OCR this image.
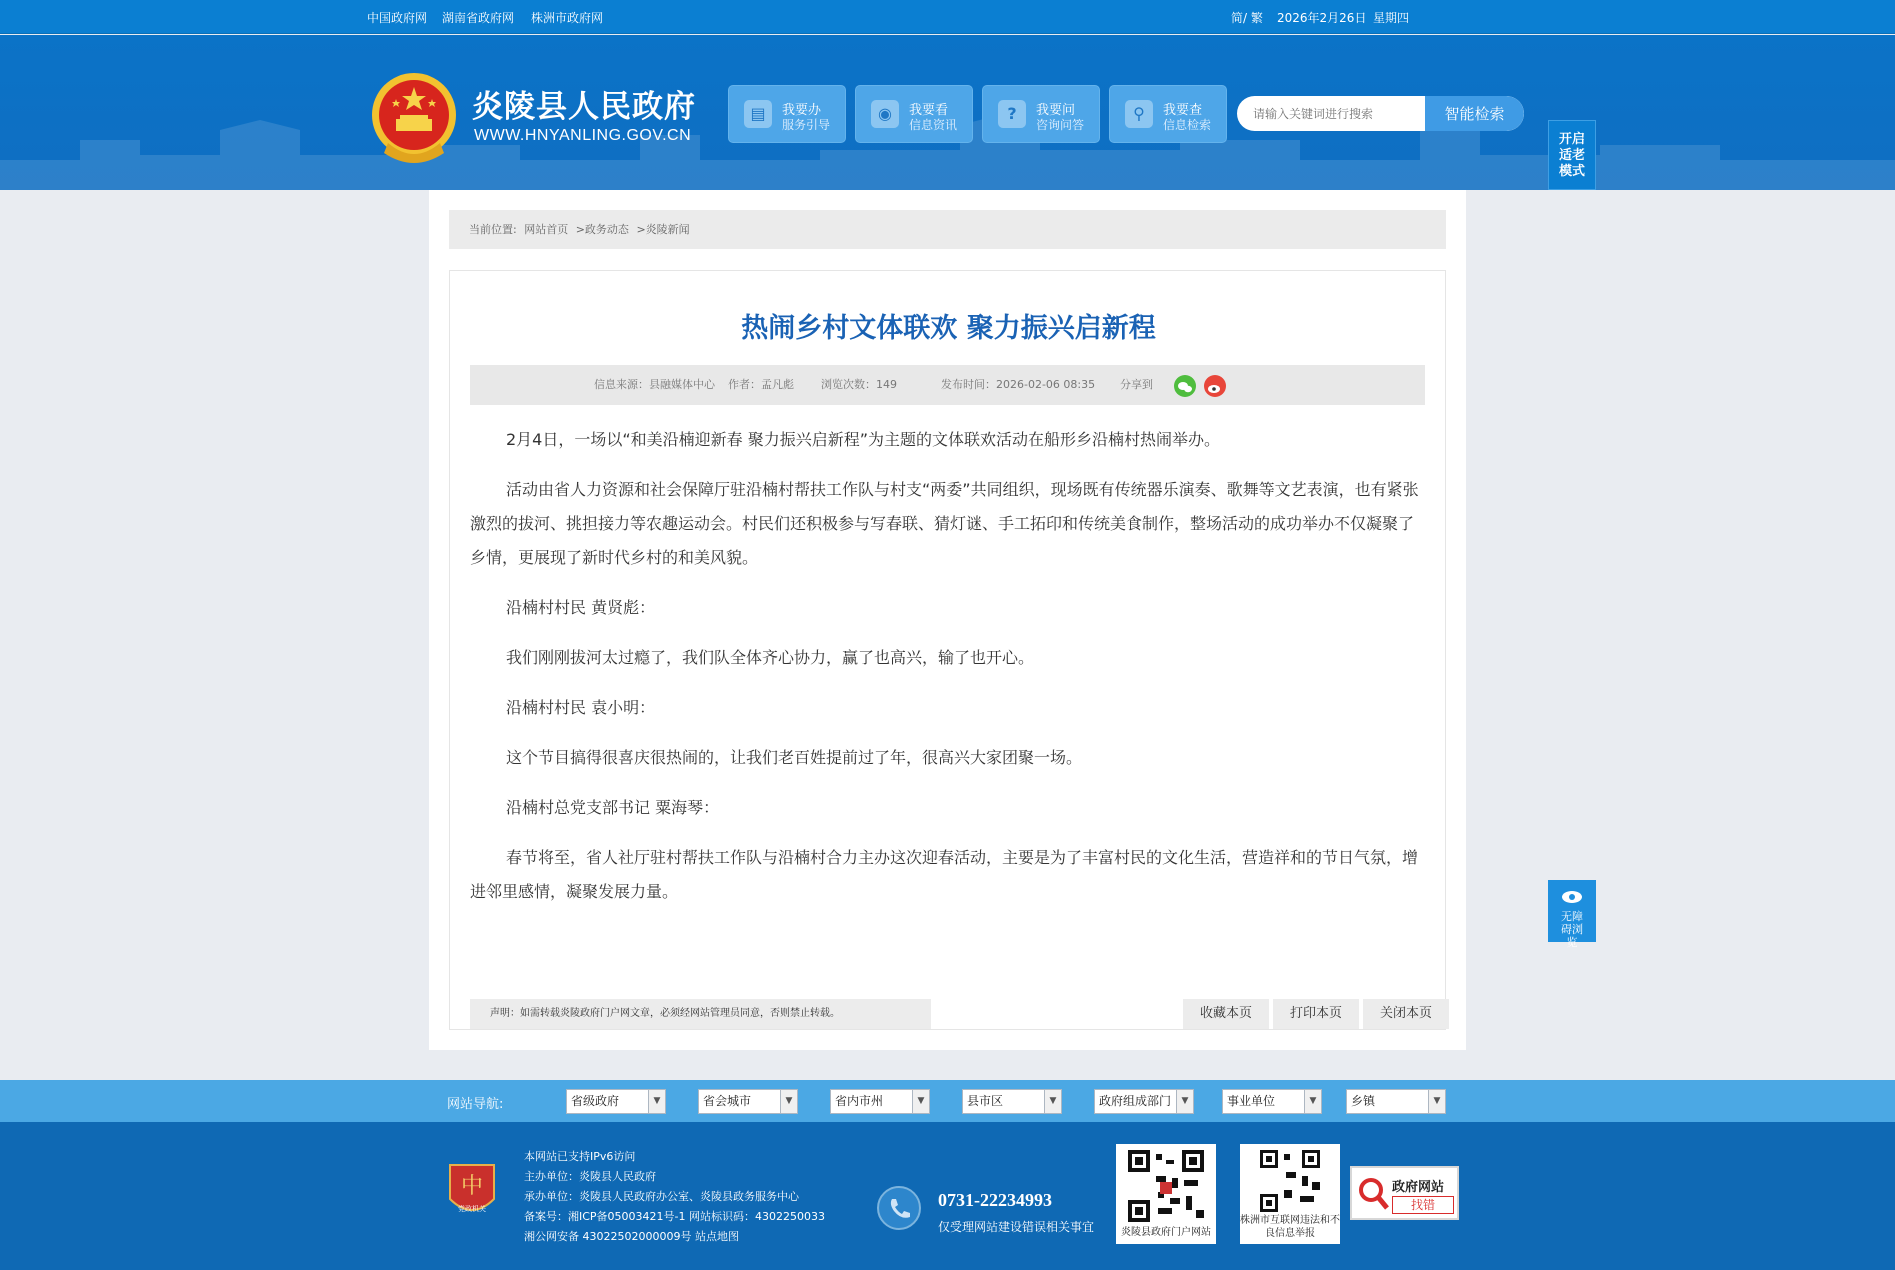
中国政府网 湖南省政府网 株洲市政府网	简/ 繁 2026年2月26日 星期四
炎陵县人民政府
WWW.HNYANLING.GOV.CN
▤	我要办
服务引导
◉	我要看
信息资讯
?	我要问
咨询问答
⚲	我要查
信息检索
请输入关键词进行搜索
智能检索
开启
适老
模式
当前位置: 网站首页 >政务动态 >炎陵新闻
热闹乡村文体联欢 聚力振兴启新程
信息来源：县融媒体中心 作者：孟凡彪 浏览次数：149	发布时间：2026-02-06 08:35 分享到

2月4日，一场以“和美沿楠迎新春 聚力振兴启新程”为主题的文体联欢活动在船形乡沿楠村热闹举办。

活动由省人力资源和社会保障厅驻沿楠村帮扶工作队与村支“两委”共同组织，现场既有传统器乐演奏、歌舞等文艺表演，也有紧张激烈的拔河、挑担接力等农趣运动会。村民们还积极参与写春联、猜灯谜、手工拓印和传统美食制作，整场活动的成功举办不仅凝聚了乡情，更展现了新时代乡村的和美风貌。

沿楠村村民 黄贤彪：

我们刚刚拔河太过瘾了，我们队全体齐心协力，赢了也高兴，输了也开心。

沿楠村村民 袁小明：

这个节目搞得很喜庆很热闹的，让我们老百姓提前过了年，很高兴大家团聚一场。

沿楠村总党支部书记 粟海琴：

春节将至，省人社厅驻村帮扶工作队与沿楠村合力主办这次迎春活动，主要是为了丰富村民的文化生活，营造祥和的节日气氛，增进邻里感情，凝聚发展力量。

声明：如需转载炎陵政府门户网文章，必须经网站管理员同意，否则禁止转载。	收藏本页	打印本页	关闭本页
无障碍浏览
网站导航:	省级政府	▼	省会城市	▼	省内市州	▼	县市区	▼	政府组成部门	▼	事业单位	▼	乡镇	▼
中
党政机关
本网站已支持IPv6访问
主办单位：炎陵县人民政府
承办单位：炎陵县人民政府办公室、炎陵县政务服务中心
备案号：湘ICP备05003421号-1 网站标识码：4302250033
湘公网安备 43022502000009号 站点地图
0731-22234993
仅受理网站建设错误相关事宜	炎陵县政府门户网站
株洲市互联网违法和不良信息举报
政府网站
找错
